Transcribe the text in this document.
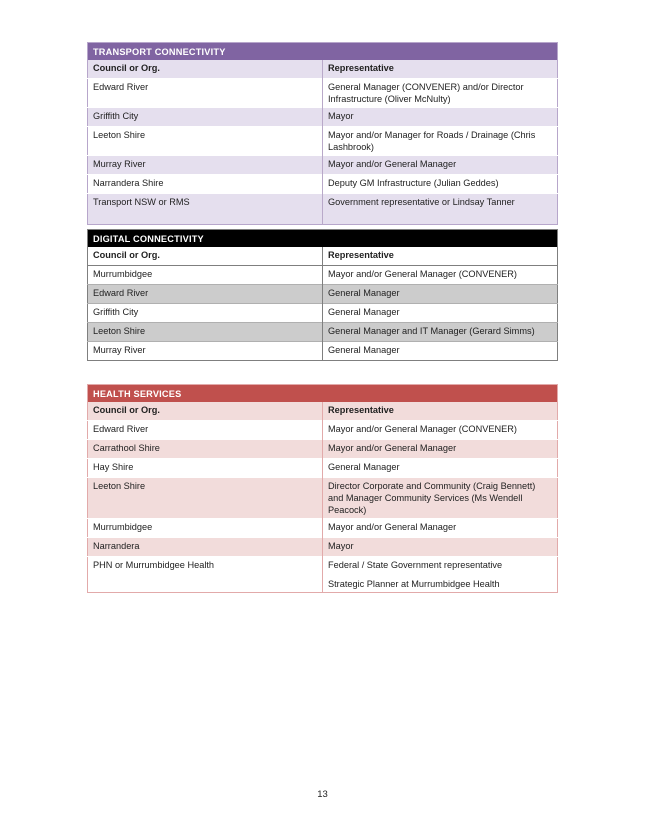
TRANSPORT CONNECTIVITY	
Council or Org.	Representative
Edward River	General Manager (CONVENER) and/or Director Infrastructure (Oliver McNulty)
Griffith City	Mayor
Leeton Shire	Mayor and/or Manager for Roads / Drainage (Chris Lashbrook)
Murray River	Mayor and/or General Manager
Narrandera Shire	Deputy GM Infrastructure (Julian Geddes)
Transport NSW or RMS	Government representative or Lindsay Tanner
DIGITAL CONNECTIVITY	
Council or Org.	Representative
Murrumbidgee	Mayor and/or General Manager (CONVENER)
Edward River	General Manager
Griffith City	General Manager
Leeton Shire	General Manager and IT Manager (Gerard Simms)
Murray River	General Manager
HEALTH SERVICES	
Council or Org.	Representative
Edward River	Mayor and/or General Manager (CONVENER)
Carrathool Shire	Mayor and/or General Manager
Hay Shire	General Manager
Leeton Shire	Director Corporate and Community (Craig Bennett) and Manager Community Services (Ms Wendell Peacock)
Murrumbidgee	Mayor and/or General Manager
Narrandera	Mayor
PHN or Murrumbidgee Health	Federal / State Government representative
Strategic Planner at Murrumbidgee Health
13
